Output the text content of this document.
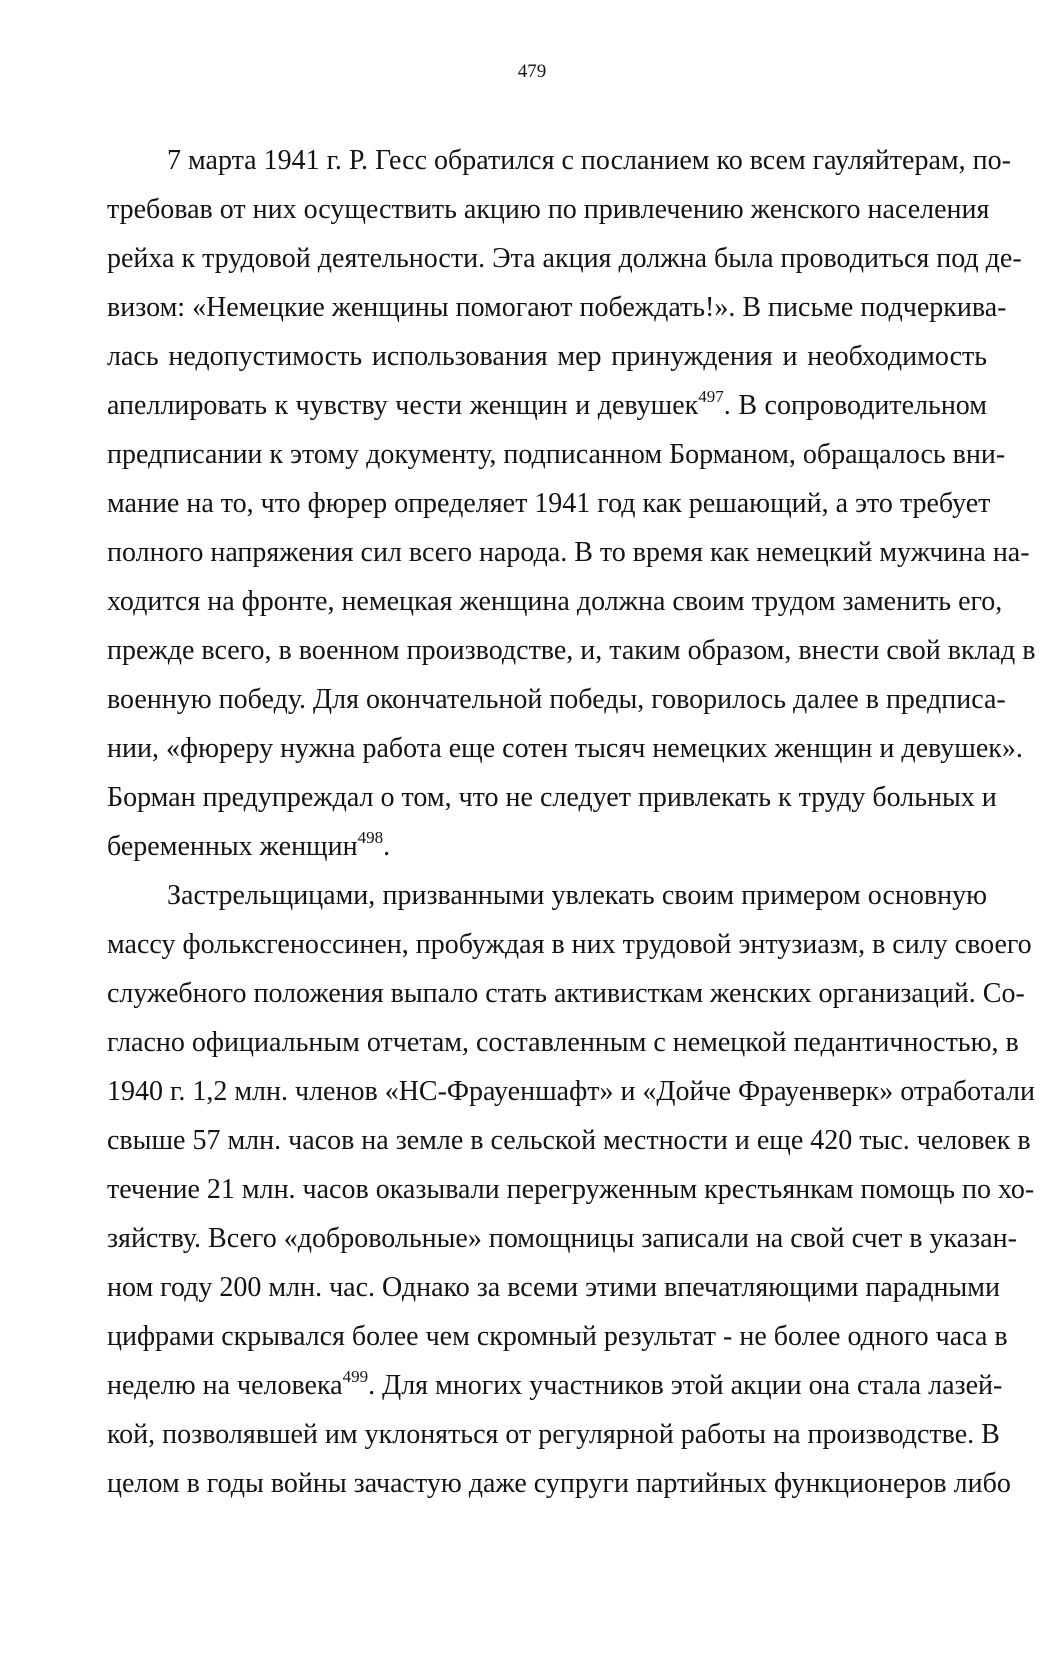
479

7 марта 1941 г. Р. Гесс обратился с посланием ко всем гауляйтерам, по-
требовав от них осуществить акцию по привлечению женского населения
рейха к трудовой деятельности. Эта акция должна была проводиться под де-
визом: «Немецкие женщины помогают побеждать!». В письме подчеркива-
лась недопустимость использования мер принуждения и необходимость
апеллировать к чувству чести женщин и девушек$^{497}$. В сопроводительном
предписании к этому документу, подписанном Борманом, обращалось вни-
мание на то, что фюрер определяет 1941 год как решающий, а это требует
полного напряжения сил всего народа. В то время как немецкий мужчина на-
ходится на фронте, немецкая женщина должна своим трудом заменить его,
прежде всего, в военном производстве, и, таким образом, внести свой вклад в
военную победу. Для окончательной победы, говорилось далее в предписа-
нии, «фюреру нужна работа еще сотен тысяч немецких женщин и девушек».
Борман предупреждал о том, что не следует привлекать к труду больных и
беременных женщин$^{498}$.

Застрельщицами, призванными увлекать своим примером основную
массу фольксгеноссинен, пробуждая в них трудовой энтузиазм, в силу своего
служебного положения выпало стать активисткам женских организаций. Со-
гласно официальным отчетам, составленным с немецкой педантичностью, в
1940 г. 1,2 млн. членов «НС-Фрауеншафт» и «Дойче Фрауенверк» отработали
свыше 57 млн. часов на земле в сельской местности и еще 420 тыс. человек в
течение 21 млн. часов оказывали перегруженным крестьянкам помощь по хо-
зяйству. Всего «добровольные» помощницы записали на свой счет в указан-
ном году 200 млн. час. Однако за всеми этими впечатляющими парадными
цифрами скрывался более чем скромный результат - не более одного часа в
неделю на человека$^{499}$. Для многих участников этой акции она стала лазей-
кой, позволявшей им уклоняться от регулярной работы на производстве. В
целом в годы войны зачастую даже супруги партийных функционеров либо
